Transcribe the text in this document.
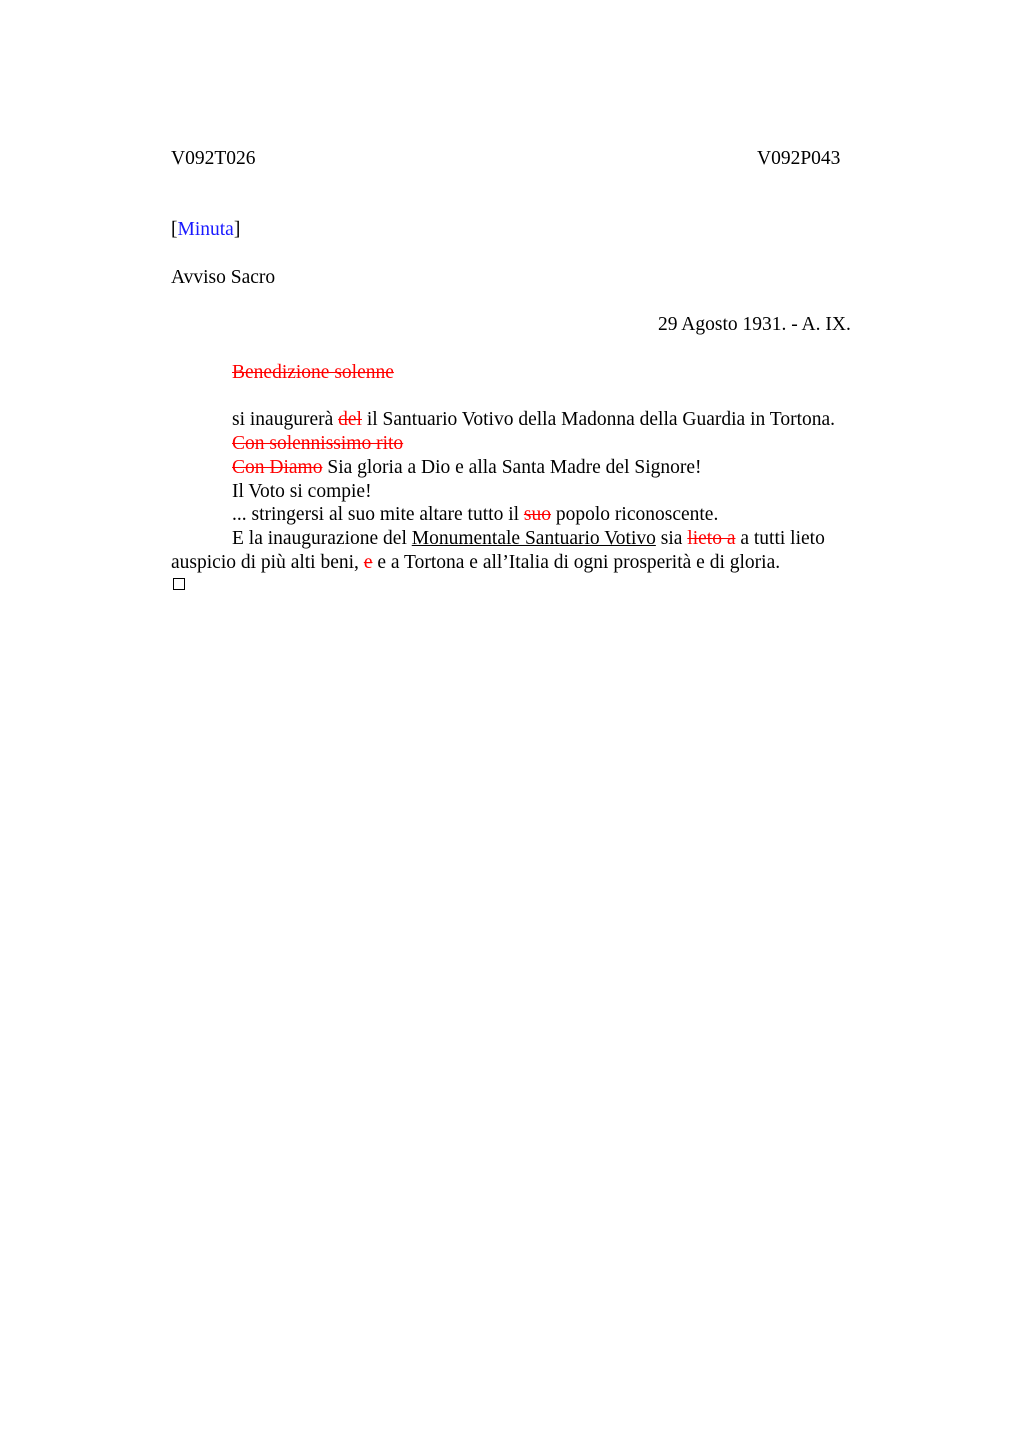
V092T026	V092P043
[Minuta]
Avviso Sacro
29 Agosto 1931. - A. IX.
Benedizione solenne
si inaugurerà del il Santuario Votivo della Madonna della Guardia in Tortona.
Con solennissimo rito
Con Diamo Sia gloria a Dio e alla Santa Madre del Signore!
Il Voto si compie!
... stringersi al suo mite altare tutto il suo popolo riconoscente.
E la inaugurazione del Monumentale Santuario Votivo sia lieto a a tutti lieto auspicio di più alti beni, e e a Tortona e all’Italia di ogni prosperità e di gloria.
